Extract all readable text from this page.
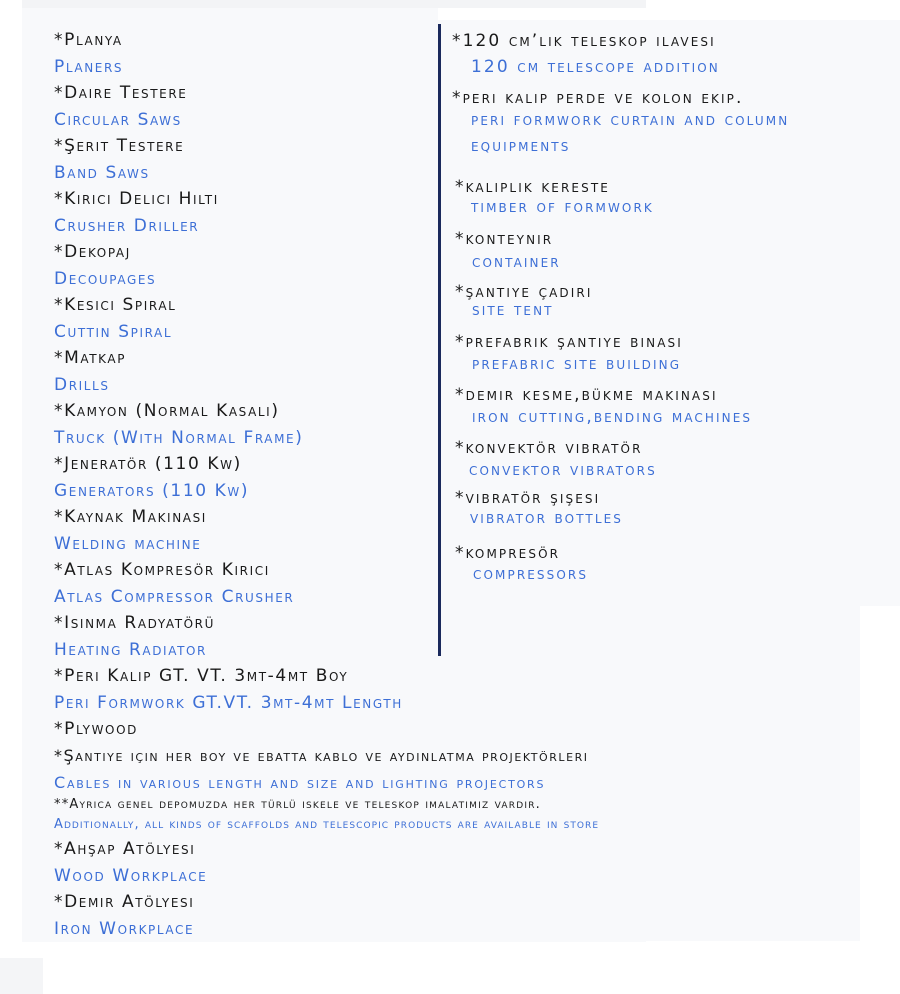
*Planya
Planers
*Daire Testere
Circular Saws
*Şerit Testere
Band Saws
*Kırıcı Delici Hilti
Crusher Driller
*Dekopaj
Decoupages
*Kesici Spiral
Cuttin Spiral
*Matkap
Drills
*Kamyon (Normal Kasalı)
Truck (With Normal Frame)
*Jeneratör (110 Kw)
Generators (110 Kw)
*Kaynak Makinası
Welding machine
*Atlas Kompresör Kırıcı
Atlas Compressor Crusher
*Isınma Radyatörü
Heating Radiator
*Peri Kalıp GT. VT. 3mt-4mt Boy
Peri Formwork GT.VT. 3mt-4mt Length
*Plywood
*Şantiye için her boy ve ebatta kablo ve aydınlatma projektörleri
Cables in various length and size and lighting projectors
**Ayrıca genel depomuzda her türlü iskele ve teleskop imalatımız vardır.
Additionally, all kinds of scaffolds and telescopic products are available in store
*Ahşap Atölyesi
Wood Workplace
*Demir Atölyesi
Iron Workplace
*120 cm’lik teleskop ilavesi
120 cm telescope addition
*peri kalıp perde ve kolon ekip.
peri formwork curtain and column
equipments
*kalıplık kereste
timber of formwork
*konteynır
container
*şantiye çadırı
site tent
*prefabrik şantiye binası
prefabric site building
*demir kesme,bükme makinası
iron cutting,bending machines
*konvektör vibratör
convektor vibrators
*vibratör şişesi
vibrator bottles
*kompresör
compressors
